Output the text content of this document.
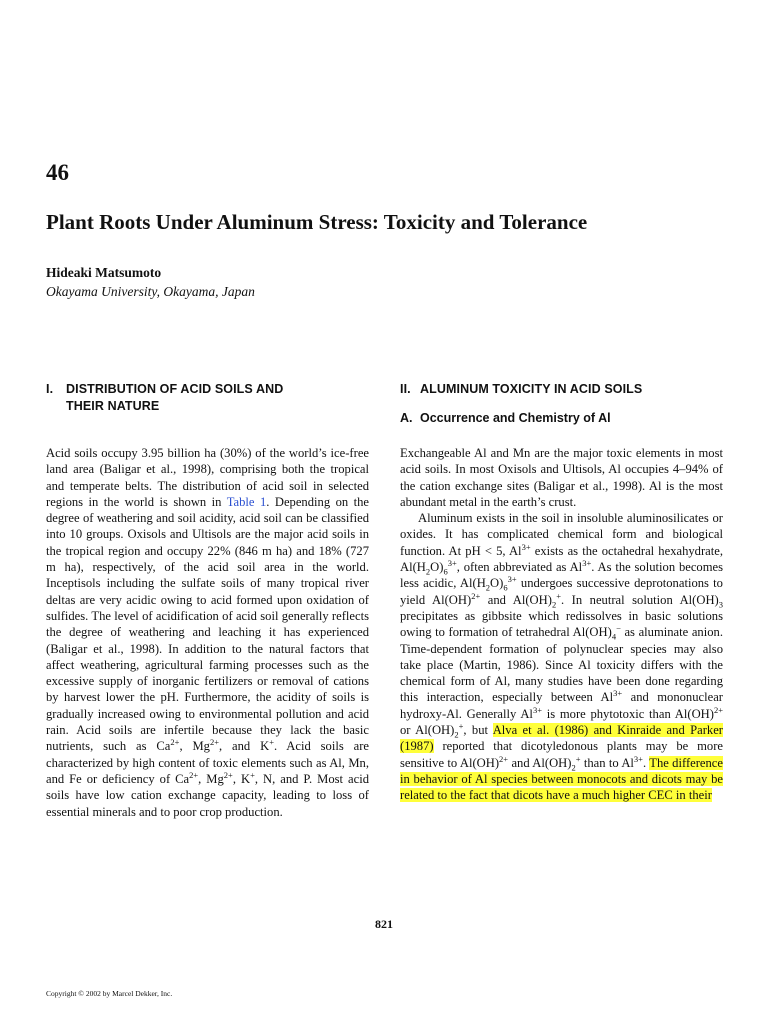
46
Plant Roots Under Aluminum Stress: Toxicity and Tolerance
Hideaki Matsumoto
Okayama University, Okayama, Japan
I. DISTRIBUTION OF ACID SOILS AND
THEIR NATURE

Acid soils occupy 3.95 billion ha (30%) of the world’s ice-free land area (Baligar et al., 1998), comprising both the tropical and temperate belts. The distribution of acid soil in selected regions in the world is shown in Table 1. Depending on the degree of weathering and soil acidity, acid soil can be classified into 10 groups. Oxisols and Ultisols are the major acid soils in the tropical region and occupy 22% (846 m ha) and 18% (727 m ha), respectively, of the acid soil area in the world. Inceptisols including the sulfate soils of many tropical river deltas are very acidic owing to acid formed upon oxidation of sulfides. The level of acidification of acid soil generally reflects the degree of weathering and leaching it has experienced (Baligar et al., 1998). In addition to the natural factors that affect weathering, agricultural farming processes such as the excessive supply of inorganic fertilizers or removal of cations by harvest lower the pH. Furthermore, the acidity of soils is gradually increased owing to environmental pollution and acid rain. Acid soils are infertile because they lack the basic nutrients, such as $Ca^{2+}$, $Mg^{2+}$, and K+. Acid soils are characterized by high content of toxic elements such as Al, Mn, and Fe or deficiency of $Ca^{2+}$, $Mg^{2+}$, K+, N, and P. Most acid soils have low cation exchange capacity, leading to loss of essential minerals and to poor crop production.

II. ALUMINUM TOXICITY IN ACID SOILS
A. Occurrence and Chemistry of Al

Exchangeable Al and Mn are the major toxic elements in most acid soils. In most Oxisols and Ultisols, Al occupies 4–94% of the cation exchange sites (Baligar et al., 1998). Al is the most abundant metal in the earth’s crust.

Aluminum exists in the soil in insoluble aluminosilicates or oxides. It has complicated chemical form and biological function. At pH < 5, $Al^{3+}$ exists as the octahedral hexahydrate, $Al(H_2O)_6^{3+}$, often abbreviated as $Al^{3+}$. As the solution becomes less acidic, $Al(H_2O)_6^{3+}$ undergoes successive deprotonations to yield Al(OH)$^{2+}$ and $Al(OH)_2^+$. In neutral solution $Al(OH)_3$ precipitates as gibbsite which redissolves in basic solutions owing to formation of tetrahedral $Al(OH)_4^-$ as aluminate anion. Time-dependent formation of polynuclear species may also take place (Martin, 1986). Since Al toxicity differs with the chemical form of Al, many studies have been done regarding this interaction, especially between $Al^{3+}$ and mononuclear hydroxy-Al. Generally $Al^{3+}$ is more phytotoxic than Al(OH)$^{2+}$ or $Al(OH)_2^+$, but Alva et al. (1986) and Kinraide and Parker (1987) reported that dicotyledonous plants may be more sensitive to Al(OH)$^{2+}$ and $Al(OH)_2^+$ than to $Al^{3+}$. The difference in behavior of Al species between monocots and dicots may be related to the fact that dicots have a much higher CEC in their

821
Copyright © 2002 by Marcel Dekker, Inc.
